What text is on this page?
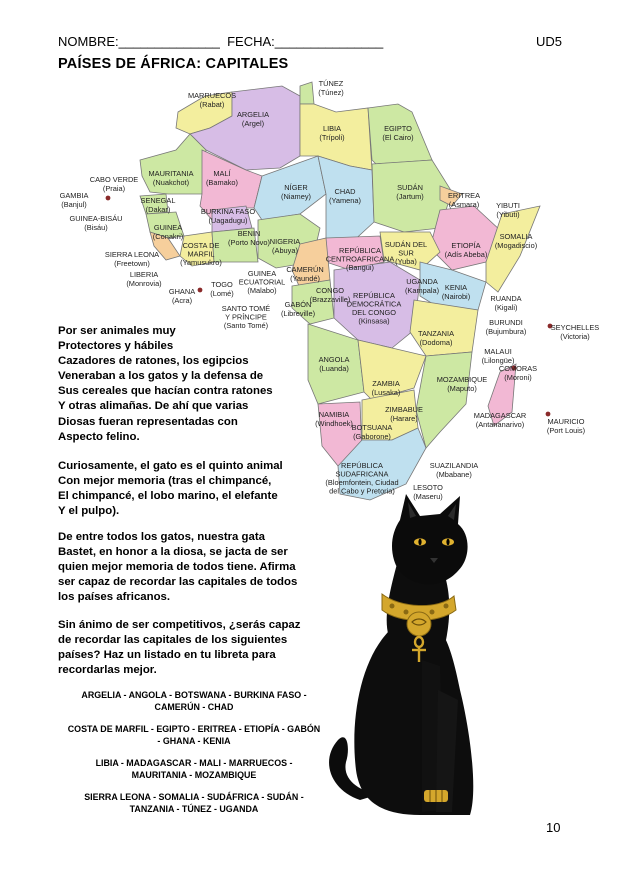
NOMBRE:______________  FECHA:_______________	UD5
PAÍSES DE ÁFRICA: CAPITALES
TÚNEZ (Túnez)
MARRUECOS (Rabat)
ARGELIA (Argel)
LIBIA (Trípoli)
EGIPTO (El Cairo)
CABO VERDE (Praia)
MAURITANIA (Nuakchot)
MALÍ (Bamako)
NÍGER (Niamey)
CHAD (Yamena)
SUDÁN (Jartum)	ERITREA (Asmara)
GAMBIA (Banjul)	SENEGAL (Dakar)	BURKINA FASO (Uagadugu)
YIBUTI (Yibuti)
GUINEA-BISÁU (Bisáu)	GUINEA (Conakri)	BENIN (Porto Novo) NIGERIA (Abuya)	REPÚBLICA CENTROAFRICANA (Bangui)
SUDÁN DEL SUR (Yuba)
ETIOPÍA (Adís Abeba)
SOMALIA (Mogadiscio)
SIERRA LEONA (Freetown)
COSTA DE MARFIL (Yamusukro)
LIBERIA (Monrovia)
GUINEA ECUATORIAL (Malabo)
CAMERÚN (Yaundé)	UGANDA (Kampala) KENIA (Nairobi)
TOGO (Lomé)
GHANA (Acra)
CONGO (Brazzaville) REPÚBLICA DEMOCRÁTICA DEL CONGO (Kinsasa)
GABÓN (Libreville)
SANTO TOMÉ Y PRÍNCIPE (Santo Tomé)
RUANDA (Kigali)
BURUNDI (Bujumbura)	SEYCHELLES (Victoria)
TANZANIA (Dodoma)
MALAUI (Lilongüe)
COMORAS (Moroni)
ANGOLA (Luanda)
ZAMBIA (Lusaka)
MOZAMBIQUE (Maputo)
NAMIBIA (Windhoek)
ZIMBABUE (Harare)
BOTSUANA (Gaborone)
MADAGASCAR (Antananarivo)	MAURICIO (Port Louis)
SUAZILANDIA (Mbabane)
REPÚBLICA SUDAFRICANA (Bloemfontein, Ciudad del Cabo y Pretoria)	LESOTO (Maseru)
Por ser animales muy
Protectores y hábiles
Cazadores de ratones, los egipcios
Veneraban a los gatos y la defensa de
Sus cereales que hacían contra ratones
Y otras alimañas. De ahí que varias
Diosas fueran representadas con
Aspecto felino.
Curiosamente, el gato es el quinto animal
Con mejor memoria (tras el chimpancé,
El chimpancé, el lobo marino, el elefante
Y el pulpo).
De entre todos los gatos, nuestra gata
Bastet, en honor a la diosa, se jacta de ser
quien mejor memoria de todos tiene. Afirma
ser capaz de recordar las capitales de todos
los países africanos.
Sin ánimo de ser competitivos, ¿serás capaz
de recordar las capitales de los siguientes
países? Haz un listado en tu libreta para
recordarlas mejor.
ARGELIA - ANGOLA - BOTSWANA - BURKINA FASO -
CAMERÚN - CHAD
COSTA DE MARFIL - EGIPTO - ERITREA - ETIOPÍA - GABÓN
- GHANA - KENIA
LIBIA - MADAGASCAR - MALI - MARRUECOS -
MAURITANIA - MOZAMBIQUE
SIERRA LEONA - SOMALIA - SUDÁFRICA - SUDÁN -
TANZANIA - TÚNEZ - UGANDA
10
